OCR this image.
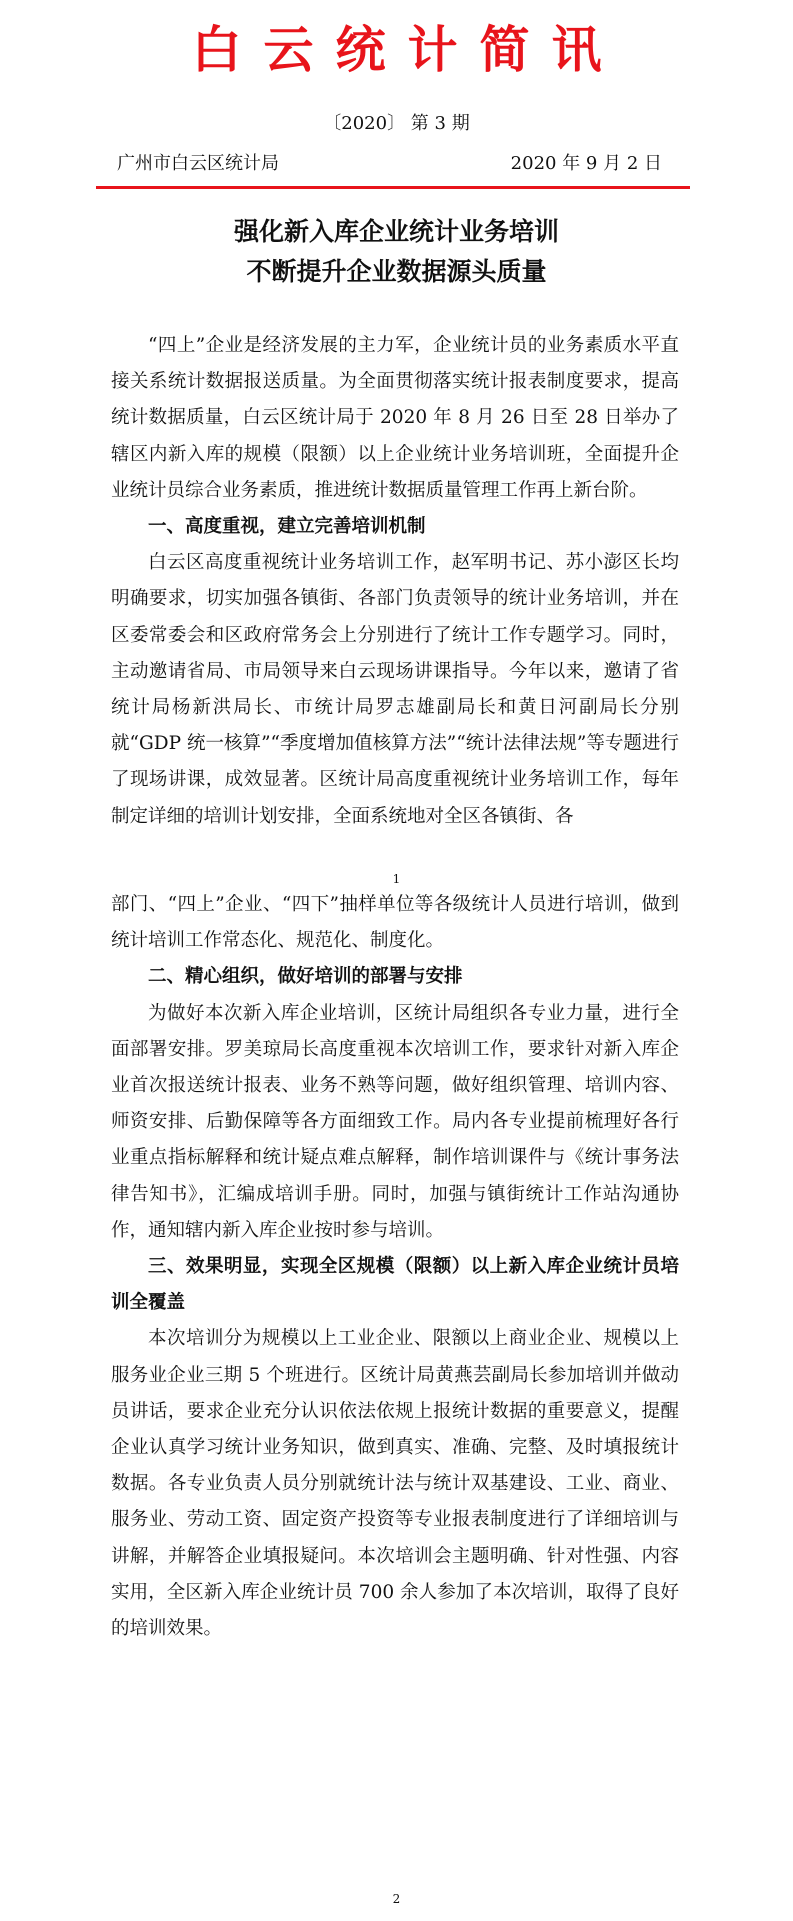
白云统计简讯
〔2020〕 第 3 期
广州市白云区统计局	2020 年 9 月 2 日
强化新入库企业统计业务培训
不断提升企业数据源头质量

“四上”企业是经济发展的主力军，企业统计员的业务素质水平直接关系统计数据报送质量。为全面贯彻落实统计报表制度要求，提高统计数据质量，白云区统计局于 2020 年 8 月 26 日至 28 日举办了辖区内新入库的规模（限额）以上企业统计业务培训班，全面提升企业统计员综合业务素质，推进统计数据质量管理工作再上新台阶。

一、高度重视，建立完善培训机制

白云区高度重视统计业务培训工作，赵军明书记、苏小澎区长均明确要求，切实加强各镇街、各部门负责领导的统计业务培训，并在区委常委会和区政府常务会上分别进行了统计工作专题学习。同时，主动邀请省局、市局领导来白云现场讲课指导。今年以来，邀请了省统计局杨新洪局长、市统计局罗志雄副局长和黄日河副局长分别就“GDP 统一核算”“季度增加值核算方法”“统计法律法规”等专题进行了现场讲课，成效显著。区统计局高度重视统计业务培训工作，每年制定详细的培训计划安排，全面系统地对全区各镇街、各

1

部门、“四上”企业、“四下”抽样单位等各级统计人员进行培训，做到统计培训工作常态化、规范化、制度化。

二、精心组织，做好培训的部署与安排

为做好本次新入库企业培训，区统计局组织各专业力量，进行全面部署安排。罗美琼局长高度重视本次培训工作，要求针对新入库企业首次报送统计报表、业务不熟等问题，做好组织管理、培训内容、师资安排、后勤保障等各方面细致工作。局内各专业提前梳理好各行业重点指标解释和统计疑点难点解释，制作培训课件与《统计事务法律告知书》，汇编成培训手册。同时，加强与镇街统计工作站沟通协作，通知辖内新入库企业按时参与培训。

三、效果明显，实现全区规模（限额）以上新入库企业统计员培训全覆盖

本次培训分为规模以上工业企业、限额以上商业企业、规模以上服务业企业三期 5 个班进行。区统计局黄燕芸副局长参加培训并做动员讲话，要求企业充分认识依法依规上报统计数据的重要意义，提醒企业认真学习统计业务知识，做到真实、准确、完整、及时填报统计数据。各专业负责人员分别就统计法与统计双基建设、工业、商业、服务业、劳动工资、固定资产投资等专业报表制度进行了详细培训与讲解，并解答企业填报疑问。本次培训会主题明确、针对性强、内容实用，全区新入库企业统计员 700 余人参加了本次培训，取得了良好的培训效果。

2
